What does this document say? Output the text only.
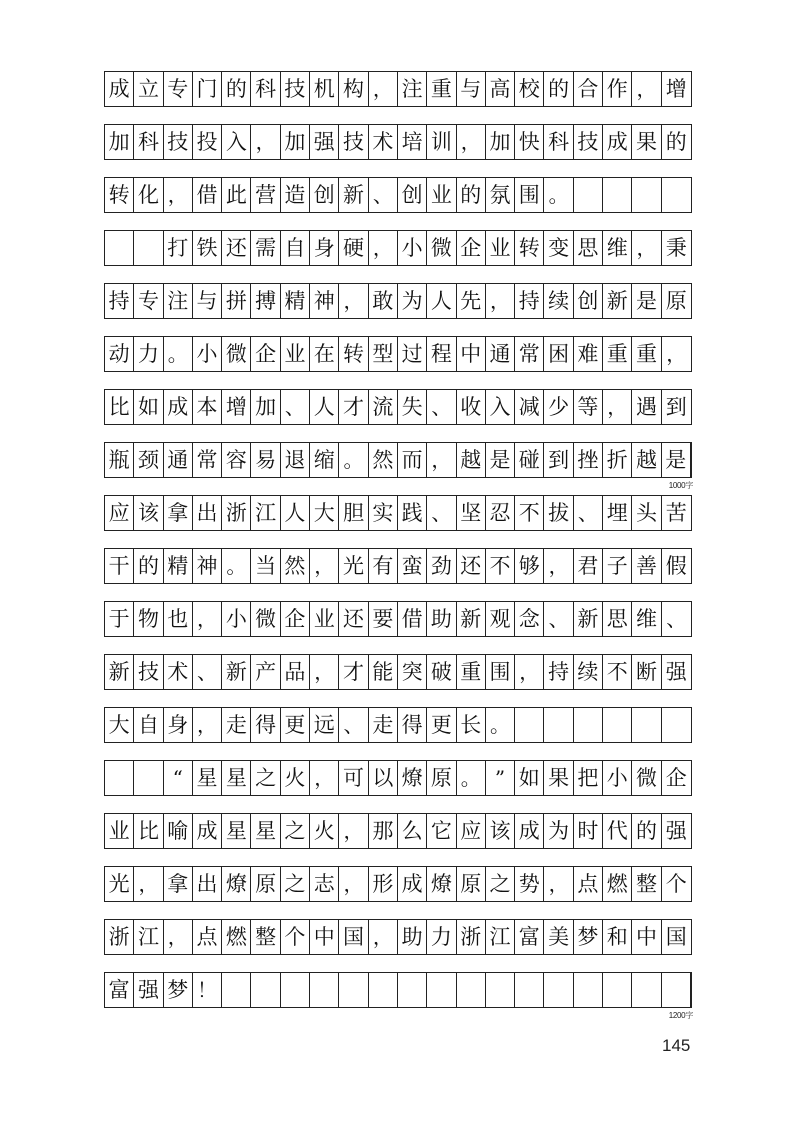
成 立 专 门 的 科 技 机 构 ， 注 重 与 高 校 的 合 作 ， 增
加 科 技 投 入 ， 加 强 技 术 培 训 ， 加 快 科 技 成 果 的
转 化 ， 借 此 营 造 创 新 、 创 业 的 氛 围 。
打 铁 还 需 自 身 硬 ， 小 微 企 业 转 变 思 维 ， 秉
持 专 注 与 拼 搏 精 神 ， 敢 为 人 先 ， 持 续 创 新 是 原
动 力 。 小 微 企 业 在 转 型 过 程 中 通 常 困 难 重 重 ，
比 如 成 本 增 加 、 人 才 流 失 、 收 入 减 少 等 ， 遇 到
瓶 颈 通 常 容 易 退 缩 。 然 而 ， 越 是 碰 到 挫 折 越 是
1000字
应 该 拿 出 浙 江 人 大 胆 实 践 、 坚 忍 不 拔 、 埋 头 苦
干 的 精 神 。 当 然 ， 光 有 蛮 劲 还 不 够 ， 君 子 善 假
于 物 也 ， 小 微 企 业 还 要 借 助 新 观 念 、 新 思 维 、
新 技 术 、 新 产 品 ， 才 能 突 破 重 围 ， 持 续 不 断 强
大 自 身 ， 走 得 更 远 、 走 得 更 长 。
“ 星 星 之 火 ， 可 以 燎 原 。 ” 如 果 把 小 微 企
业 比 喻 成 星 星 之 火 ， 那 么 它 应 该 成 为 时 代 的 强
光 ， 拿 出 燎 原 之 志 ， 形 成 燎 原 之 势 ， 点 燃 整 个
浙 江 ， 点 燃 整 个 中 国 ， 助 力 浙 江 富 美 梦 和 中 国
富 强 梦 ！
1200字
145
